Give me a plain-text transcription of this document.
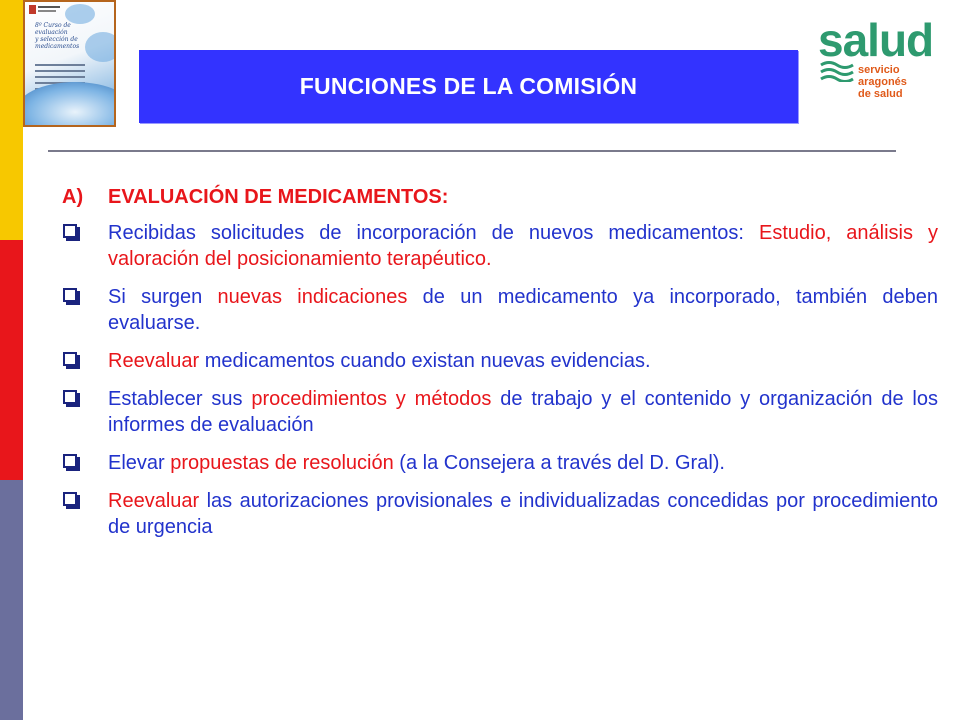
8º Curso de evaluación
y selección de medicamentos
FUNCIONES DE LA COMISIÓN
salud
servicio aragonés
de salud
A)	EVALUACIÓN DE MEDICAMENTOS:
Recibidas solicitudes de incorporación de nuevos medicamentos: Estudio, análisis y valoración del posicionamiento terapéutico.
Si surgen nuevas indicaciones de un medicamento ya incorporado, también deben evaluarse.
Reevaluar medicamentos cuando existan nuevas evidencias.
Establecer sus procedimientos y métodos de trabajo y el contenido y organización de los informes de evaluación
Elevar propuestas de resolución (a la Consejera a través del D. Gral).
Reevaluar las autorizaciones provisionales e individualizadas concedidas por procedimiento de urgencia
